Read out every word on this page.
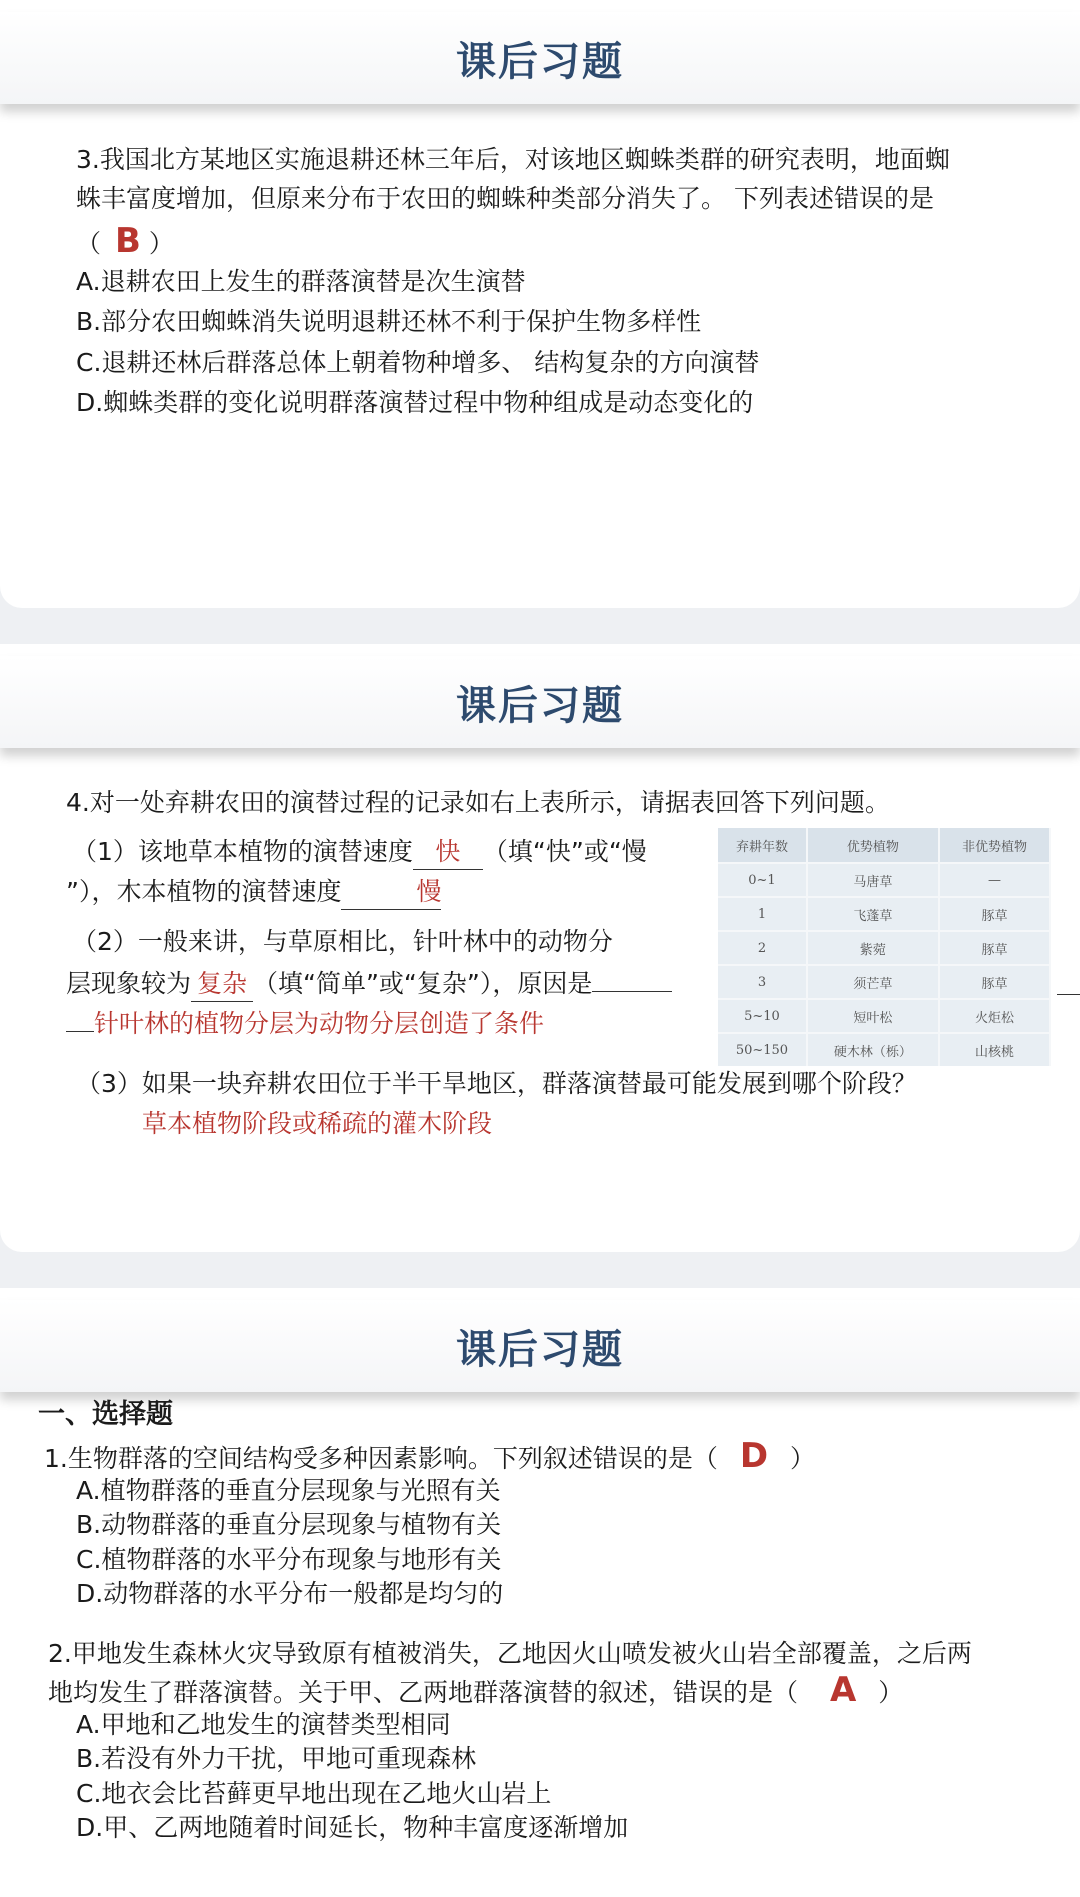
课后习题
3.我国北方某地区实施退耕还林三年后，对该地区蜘蛛类群的研究表明，地面蜘
蛛丰富度增加，但原来分布于农田的蜘蛛种类部分消失了。 下列表述错误的是
（ B ）
A.退耕农田上发生的群落演替是次生演替
B.部分农田蜘蛛消失说明退耕还林不利于保护生物多样性
C.退耕还林后群落总体上朝着物种增多、 结构复杂的方向演替
D.蜘蛛类群的变化说明群落演替过程中物种组成是动态变化的
课后习题
4.对一处弃耕农田的演替过程的记录如右上表所示，请据表回答下列问题。
（1）该地草本植物的演替速度 快 （填“快”或“慢
”），木本植物的演替速度	慢
（2）一般来讲，与草原相比，针叶林中的动物分
层现象较为 复杂 （填“简单”或“复杂”），原因是
针叶林的植物分层为动物分层创造了条件
弃耕年数	优势植物	非优势植物
0~1	马唐草	—
1	飞蓬草	豚草
2	紫菀	豚草
3	须芒草	豚草
5~10	短叶松	火炬松
50~150	硬木林（栎）	山核桃
（3）如果一块弃耕农田位于半干旱地区，群落演替最可能发展到哪个阶段？
草本植物阶段或稀疏的灌木阶段
课后习题
一、选择题
1.生物群落的空间结构受多种因素影响。下列叙述错误的是（ D ）
A.植物群落的垂直分层现象与光照有关
B.动物群落的垂直分层现象与植物有关
C.植物群落的水平分布现象与地形有关
D.动物群落的水平分布一般都是均匀的
2.甲地发生森林火灾导致原有植被消失，乙地因火山喷发被火山岩全部覆盖，之后两
地均发生了群落演替。关于甲、乙两地群落演替的叙述，错误的是（ A ）
A.甲地和乙地发生的演替类型相同
B.若没有外力干扰，甲地可重现森林
C.地衣会比苔藓更早地出现在乙地火山岩上
D.甲、乙两地随着时间延长，物种丰富度逐渐增加
